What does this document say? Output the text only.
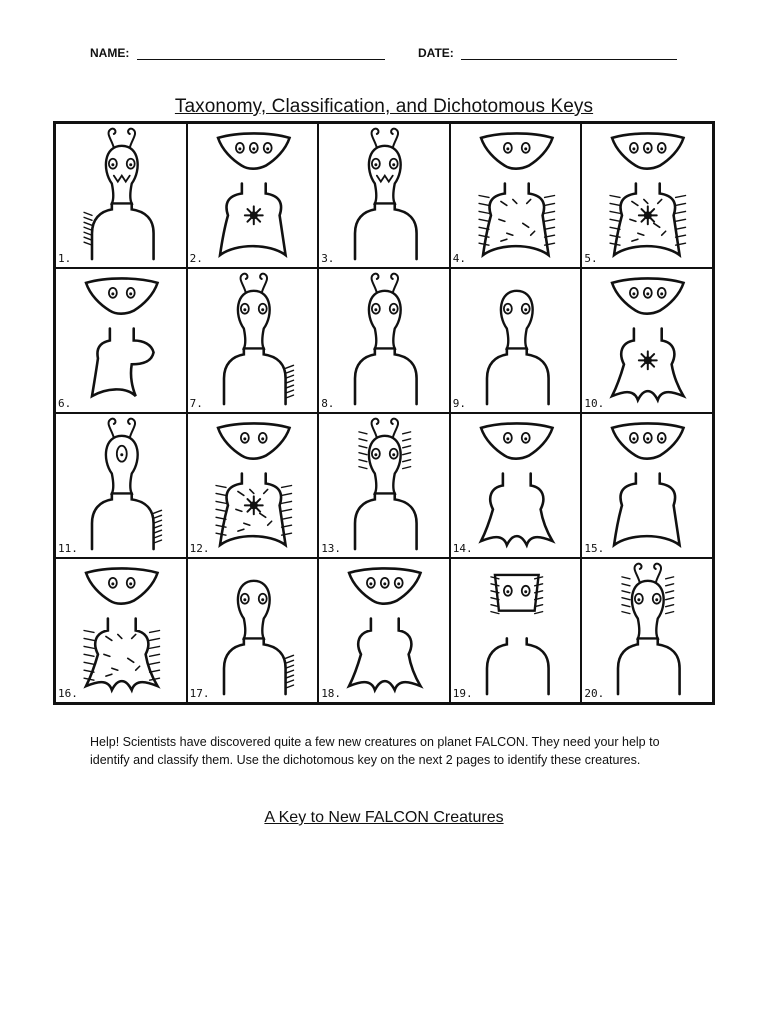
NAME:	DATE:
Taxonomy, Classification, and Dichotomous Keys
1.	2.	3.	4.	5.
6.	7.	8.	9.	10.
11.	12.	13.	14.	15.
16.	17.	18.	19.	20.
Help! Scientists have discovered quite a few new creatures on planet FALCON. They need your help to identify and classify them. Use the dichotomous key on the next 2 pages to identify these creatures.
A Key to New FALCON Creatures
